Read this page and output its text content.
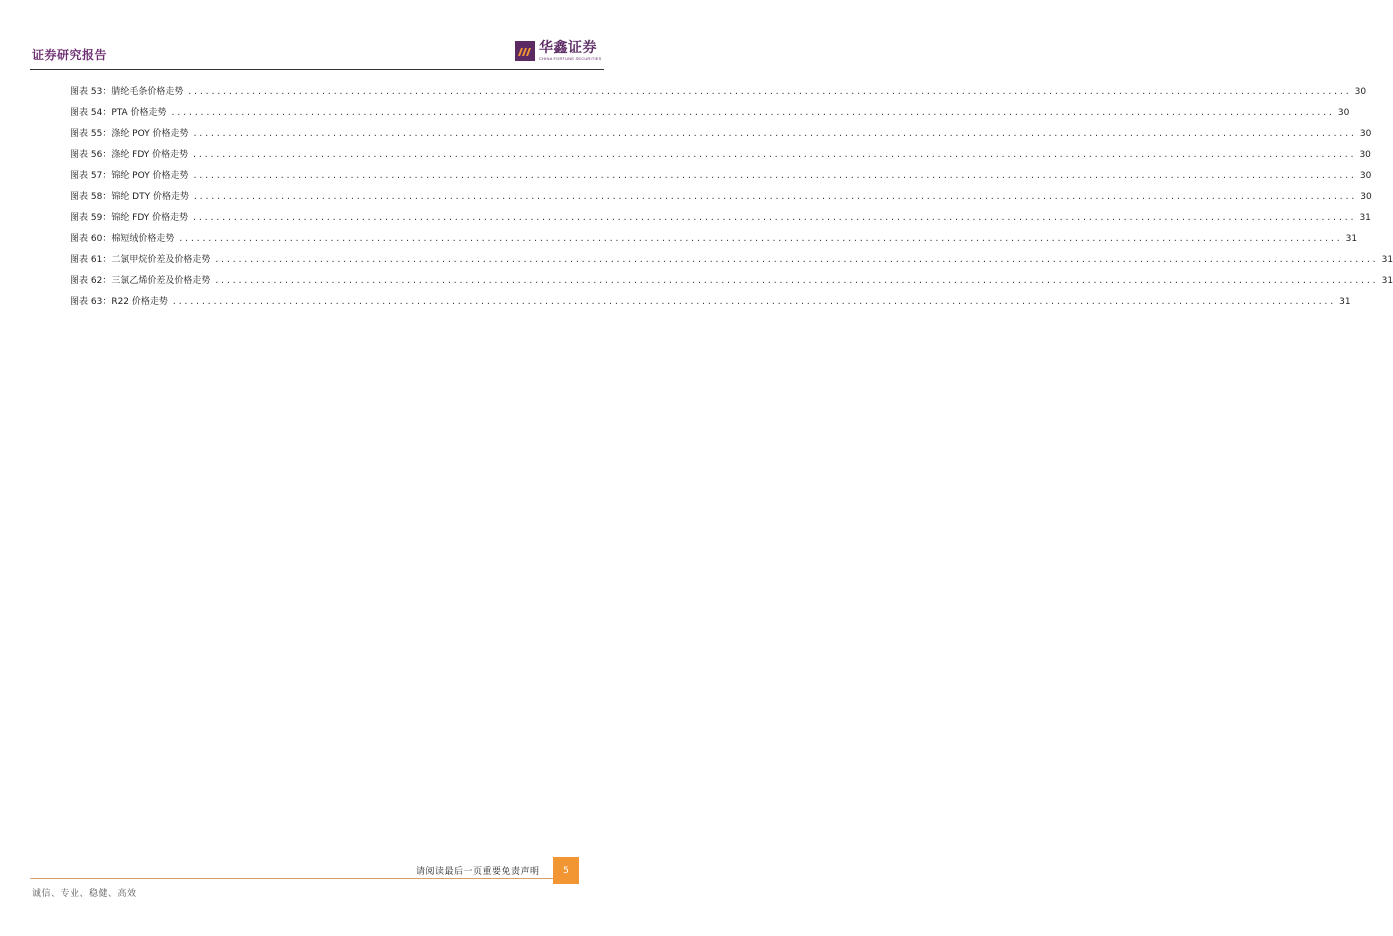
证券研究报告	华鑫证券
CHINA FORTUNE SECURITIES
图表 53：腈纶毛条价格走势 ........................................................................................................................................................................................................ 30
图表 54：PTA 价格走势 ........................................................................................................................................................................................................ 30
图表 55：涤纶 POY 价格走势 ........................................................................................................................................................................................................ 30
图表 56：涤纶 FDY 价格走势 ........................................................................................................................................................................................................ 30
图表 57：锦纶 POY 价格走势 ........................................................................................................................................................................................................ 30
图表 58：锦纶 DTY 价格走势 ........................................................................................................................................................................................................ 30
图表 59：锦纶 FDY 价格走势 ........................................................................................................................................................................................................ 31
图表 60：棉短绒价格走势 ........................................................................................................................................................................................................ 31
图表 61：二氯甲烷价差及价格走势 ........................................................................................................................................................................................................ 31
图表 62：三氯乙烯价差及价格走势 ........................................................................................................................................................................................................ 31
图表 63：R22 价格走势 ........................................................................................................................................................................................................ 31
请阅读最后一页重要免责声明	5
诚信、专业、稳健、高效
